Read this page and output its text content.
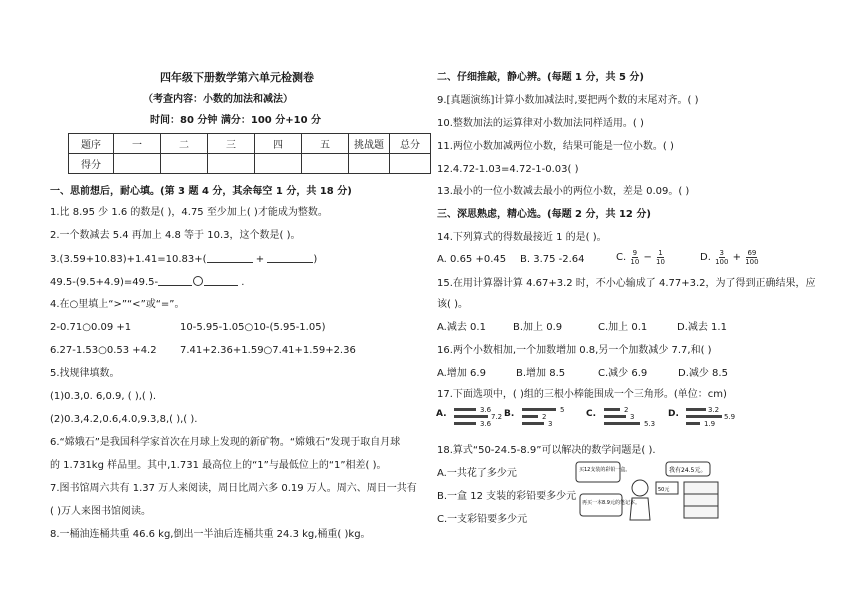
四年级下册数学第六单元检测卷
（考查内容：小数的加法和减法）
时间：80 分钟 满分：100 分+10 分
题序	一	二	三	四	五	挑战题	总分
得分							
一、思前想后，耐心填。(第 3 题 4 分，其余每空 1 分，共 18 分)
1.比 8.95 少 1.6 的数是( )，4.75 至少加上( )才能成为整数。
2.一个数减去 5.4 再加上 4.8 等于 10.3，这个数是( )。
3.(3.59+10.83)+1.41=10.83+(	+	)
49.5-(9.5+4.9)=49.5-	.
4.在○里填上“>”“<”或“=”。
2-0.71○0.09 +1	10-5.95-1.05○10-(5.95-1.05)
6.27-1.53○0.53 +4.2 7.41+2.36+1.59○7.41+1.59+2.36
5.找规律填数。
(1)0.3,0. 6,0.9, ( ),( ).
(2)0.3,4.2,0.6,4.0,9.3,8,( ),( ).
6.“嫦娥石”是我国科学家首次在月球上发现的新矿物。“嫦娥石”发现于取自月球
的 1.731kg 样品里。其中,1.731 最高位上的“1”与最低位上的“1”相差( )。
7.图书馆周六共有 1.37 万人来阅读，周日比周六多 0.19 万人。周六、周日一共有
( )万人来图书馆阅读。
8.一桶油连桶共重 46.6 kg,倒出一半油后连桶共重 24.3 kg,桶重( )kg。
二、仔细推敲，静心辨。(每题 1 分，共 5 分)
9.[真题演练]计算小数加减法时,要把两个数的末尾对齐。( )
10.整数加法的运算律对小数加法同样适用。( )
11.两位小数加减两位小数，结果可能是一位小数。( )
12.4.72-1.03=4.72-1-0.03( )
13.最小的一位小数减去最小的两位小数，差是 0.09。( )
三、深思熟虑，精心选。(每题 2 分，共 12 分)
14.下列算式的得数最接近 1 的是( )。
A. 0.65 +0.45 B. 3.75 -2.64	C. $\frac{9}{10} - \frac{1}{10}$	D. $\frac{3}{100} + \frac{69}{100}$
15.在用计算器计算 4.67+3.2 时，不小心输成了 4.77+3.2，为了得到正确结果，应
该( )。
A.减去 0.1	B.加上 0.9	C.加上 0.1	D.减去 1.1
16.两个小数相加,一个加数增加 0.8,另一个加数减少 7.7,和( )
A.增加 6.9	B.增加 8.5	C.减少 6.9	D.减少 8.5
17.下面选项中，( )组的三根小棒能围成一个三角形。(单位：cm)
A.	3.6
7.2
3.6
B.	5
2
3
C.	2
3
5.3
D.	3.2
5.9
1.9
18.算式“50-24.5-8.9”可以解决的数学问题是( ).
A.一共花了多少元
B.一盒 12 支装的彩铅要多少元
C.一支彩铅要多少元
买12支装的彩铅一盒。	我有24.5元。
再买一本8.9元的笔记本。
50元
